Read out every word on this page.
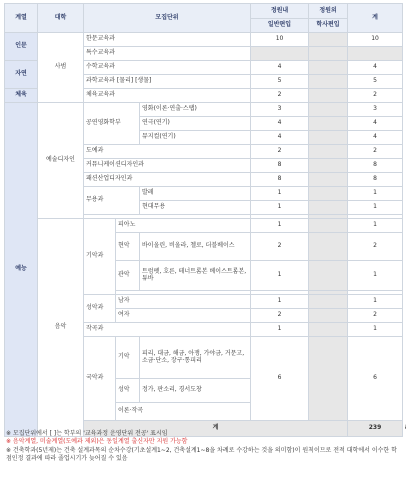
계열	대학	모집단위			정원내	정원외	계	
					일반편입	학사편입		
인문	사범	한문교육과			10		10	
		특수교육과						
자연		수학교육과			4		4	
		과학교육과 [물리] [생물]			5		5	
체육		체육교육과			2		2	
예능	예술디자인	공연영화학부		영화(이론·연출·스탭)	3		3	
				연극(연기)	4		4	
				뮤지컬(연기)	4		4	
		도예과			2		2	
		커뮤니케이션디자인과			8		8	
		패션산업디자인과			8		8	
		무용과		발레	1		1	
				현대무용	1		1	

	음악	기악과	피아노		1		1	
			현악	바이올린, 비올라, 첼로, 더블베이스	2		2	
			관악	트럼펫, 호른, 테너트롬본 베이스트롬본, 튜바	1		1	

		성악과	남자		1		1	
			여자		2		2	
		작곡과			1		1	
		국악과	기악	피리, 대금, 해금, 아쟁, 가야금, 거문고, 소금·단소, 장구·통피리	6		6	
			성악	정가, 판소리, 경서도창				
			이론·작곡					
		계					239		
※ 모집단위에서 [ ]는 학부의 '교육과정 운영단위 전공' 표시임
※ 음악계열, 미술계열(도예과 제외)은 동일계열 출신자만 지원 가능함
※ 건축학과(5년제)는 건축 설계과목의 순차수강(기초설계1~2, 건축설계1~8을 차례로 수강하는 것을 의미함)이 원칙이므로 전적 대학에서 이수한 학점인정 결과에 따라 졸업시기가 늦어질 수 있음
